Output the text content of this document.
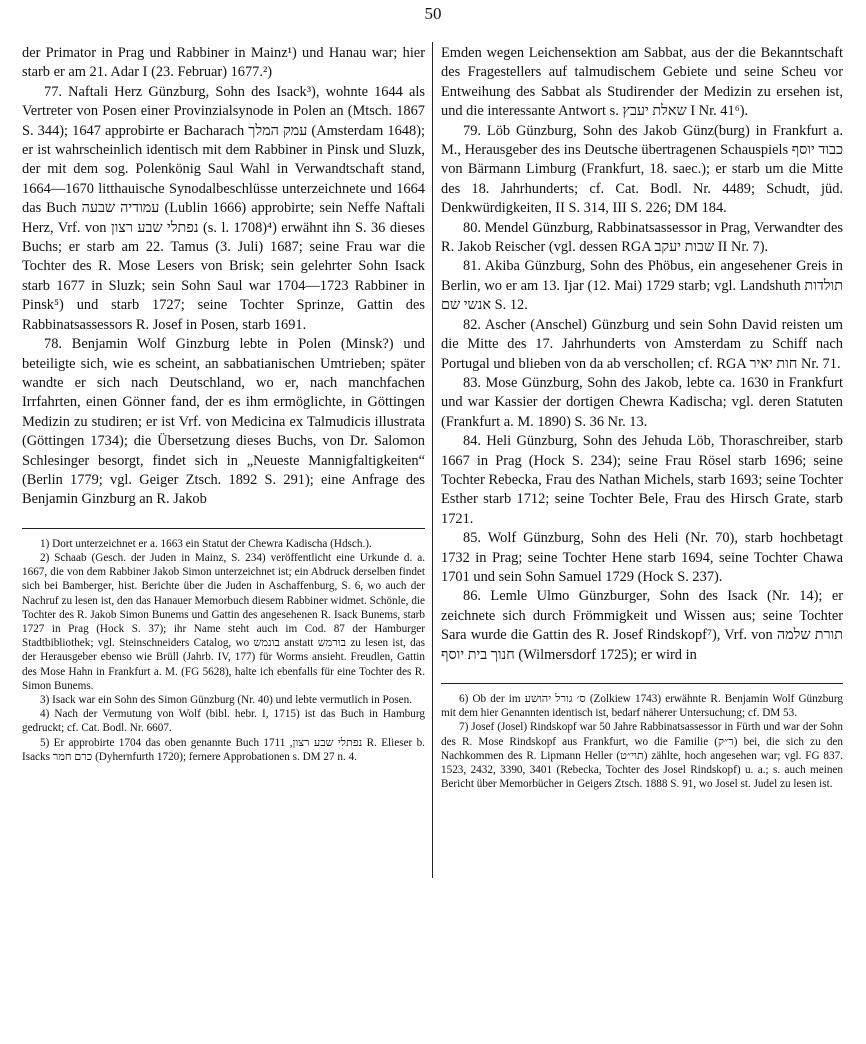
50

der Primator in Prag und Rabbiner in Mainz¹) und Hanau war; hier starb er am 21. Adar I (23. Februar) 1677.²)

77. Naftali Herz Günzburg, Sohn des Isack³), wohnte 1644 als Vertreter von Posen einer Provinzialsynode in Polen an (Mtsch. 1867 S. 344); 1647 approbirte er Bacharach עמק המלך (Amsterdam 1648); er ist wahrscheinlich identisch mit dem Rabbiner in Pinsk und Sluzk, der mit dem sog. Polenkönig Saul Wahl in Verwandtschaft stand, 1664—1670 litthauische Synodalbeschlüsse unterzeichnete und 1664 das Buch עמודיה שבעה (Lublin 1666) approbirte; sein Neffe Naftali Herz, Vrf. von נפתלי שבע רצון (s. l. 1708)⁴) erwähnt ihn S. 36 dieses Buchs; er starb am 22. Tamus (3. Juli) 1687; seine Frau war die Tochter des R. Mose Lesers von Brisk; sein gelehrter Sohn Isack starb 1677 in Sluzk; sein Sohn Saul war 1704—1723 Rabbiner in Pinsk⁵) und starb 1727; seine Tochter Sprinze, Gattin des Rabbinatsassessors R. Josef in Posen, starb 1691.

78. Benjamin Wolf Ginzburg lebte in Polen (Minsk?) und beteiligte sich, wie es scheint, an sabbatianischen Umtrieben; später wandte er sich nach Deutschland, wo er, nach manchfachen Irrfahrten, einen Gönner fand, der es ihm ermöglichte, in Göttingen Medizin zu studiren; er ist Vrf. von Medicina ex Talmudicis illustrata (Göttingen 1734); die Übersetzung dieses Buchs, von Dr. Salomon Schlesinger besorgt, findet sich in „Neueste Mannigfaltigkeiten“ (Berlin 1779; vgl. Geiger Ztsch. 1892 S. 291); eine Anfrage des Benjamin Ginzburg an R. Jakob

1) Dort unterzeichnet er a. 1663 ein Statut der Chewra Kadischa (Hdsch.).

2) Schaab (Gesch. der Juden in Mainz, S. 234) veröffentlicht eine Urkunde d. a. 1667, die von dem Rabbiner Jakob Simon unterzeichnet ist; ein Abdruck derselben findet sich bei Bamberger, hist. Berichte über die Juden in Aschaffenburg, S. 6, wo auch der Nachruf zu lesen ist, den das Hanauer Memorbuch diesem Rabbiner widmet. Schönle, die Tochter des R. Jakob Simon Bunems und Gattin des angesehenen R. Isack Bunems, starb 1727 in Prag (Hock S. 37); ihr Name steht auch im Cod. 87 der Hamburger Stadtbibliothek; vgl. Steinschneiders Catalog, wo בונמש anstatt בורמש zu lesen ist, das der Herausgeber ebenso wie Brüll (Jahrb. IV, 177) für Worms ansieht. Freudlen, Gattin des Mose Hahn in Frankfurt a. M. (FG 5628), halte ich ebenfalls für eine Tochter des R. Simon Bunems.

3) Isack war ein Sohn des Simon Günzburg (Nr. 40) und lebte vermutlich in Posen.

4) Nach der Vermutung von Wolf (bibl. hebr. I, 1715) ist das Buch in Hamburg gedruckt; cf. Cat. Bodl. Nr. 6607.

5) Er approbirte 1704 das oben genannte Buch נפתלי שבע רצון, 1711 R. Elieser b. Isacks כרם חמר (Dyhernfurth 1720); fernere Approbationen s. DM 27 n. 4.

Emden wegen Leichensektion am Sabbat, aus der die Bekanntschaft des Fragestellers auf talmudischem Gebiete und seine Scheu vor Entweihung des Sabbat als Studirender der Medizin zu ersehen ist, und die interessante Antwort s. שאלת יעבץ I Nr. 41⁶).

79. Löb Günzburg, Sohn des Jakob Günz(burg) in Frankfurt a. M., Herausgeber des ins Deutsche übertragenen Schauspiels כבוד יוסף von Bärmann Limburg (Frankfurt, 18. saec.); er starb um die Mitte des 18. Jahrhunderts; cf. Cat. Bodl. Nr. 4489; Schudt, jüd. Denkwürdigkeiten, II S. 314, III S. 226; DM 184.

80. Mendel Günzburg, Rabbinatsassessor in Prag, Verwandter des R. Jakob Reischer (vgl. dessen RGA שבות יעקב II Nr. 7).

81. Akiba Günzburg, Sohn des Phöbus, ein angesehener Greis in Berlin, wo er am 13. Ijar (12. Mai) 1729 starb; vgl. Landshuth תולדות אנשי שם S. 12.

82. Ascher (Anschel) Günzburg und sein Sohn David reisten um die Mitte des 17. Jahrhunderts von Amsterdam zu Schiff nach Portugal und blieben von da ab verschollen; cf. RGA חות יאיר Nr. 71.

83. Mose Günzburg, Sohn des Jakob, lebte ca. 1630 in Frankfurt und war Kassier der dortigen Chewra Kadischa; vgl. deren Statuten (Frankfurt a. M. 1890) S. 36 Nr. 13.

84. Heli Günzburg, Sohn des Jehuda Löb, Thoraschreiber, starb 1667 in Prag (Hock S. 234); seine Frau Rösel starb 1696; seine Tochter Rebecka, Frau des Nathan Michels, starb 1693; seine Tochter Esther starb 1712; seine Tochter Bele, Frau des Hirsch Grate, starb 1721.

85. Wolf Günzburg, Sohn des Heli (Nr. 70), starb hochbetagt 1732 in Prag; seine Tochter Hene starb 1694, seine Tochter Chawa 1701 und sein Sohn Samuel 1729 (Hock S. 237).

86. Lemle Ulmo Günzburger, Sohn des Isack (Nr. 14); er zeichnete sich durch Frömmigkeit und Wissen aus; seine Tochter Sara wurde die Gattin des R. Josef Rindskopf⁷), Vrf. von תורת שלמה חנוך בית יוסף (Wilmersdorf 1725); er wird in

6) Ob der im ס׳ גורל יהושע (Zolkiew 1743) erwähnte R. Benjamin Wolf Günzburg mit dem hier Genannten identisch ist, bedarf näherer Untersuchung; cf. DM 53.

7) Josef (Josel) Rindskopf war 50 Jahre Rabbinatsassessor in Fürth und war der Sohn des R. Mose Rindskopf aus Frankfurt, wo die Familie (ר״ק) bei, die sich zu den Nachkommen des R. Lipmann Heller (תוי״ט) zählte, hoch angesehen war; vgl. FG 837. 1523, 2432, 3390, 3401 (Rebecka, Tochter des Josel Rindskopf) u. a.; s. auch meinen Bericht über Memorbücher in Geigers Ztsch. 1888 S. 91, wo Josel st. Judel zu lesen ist.
